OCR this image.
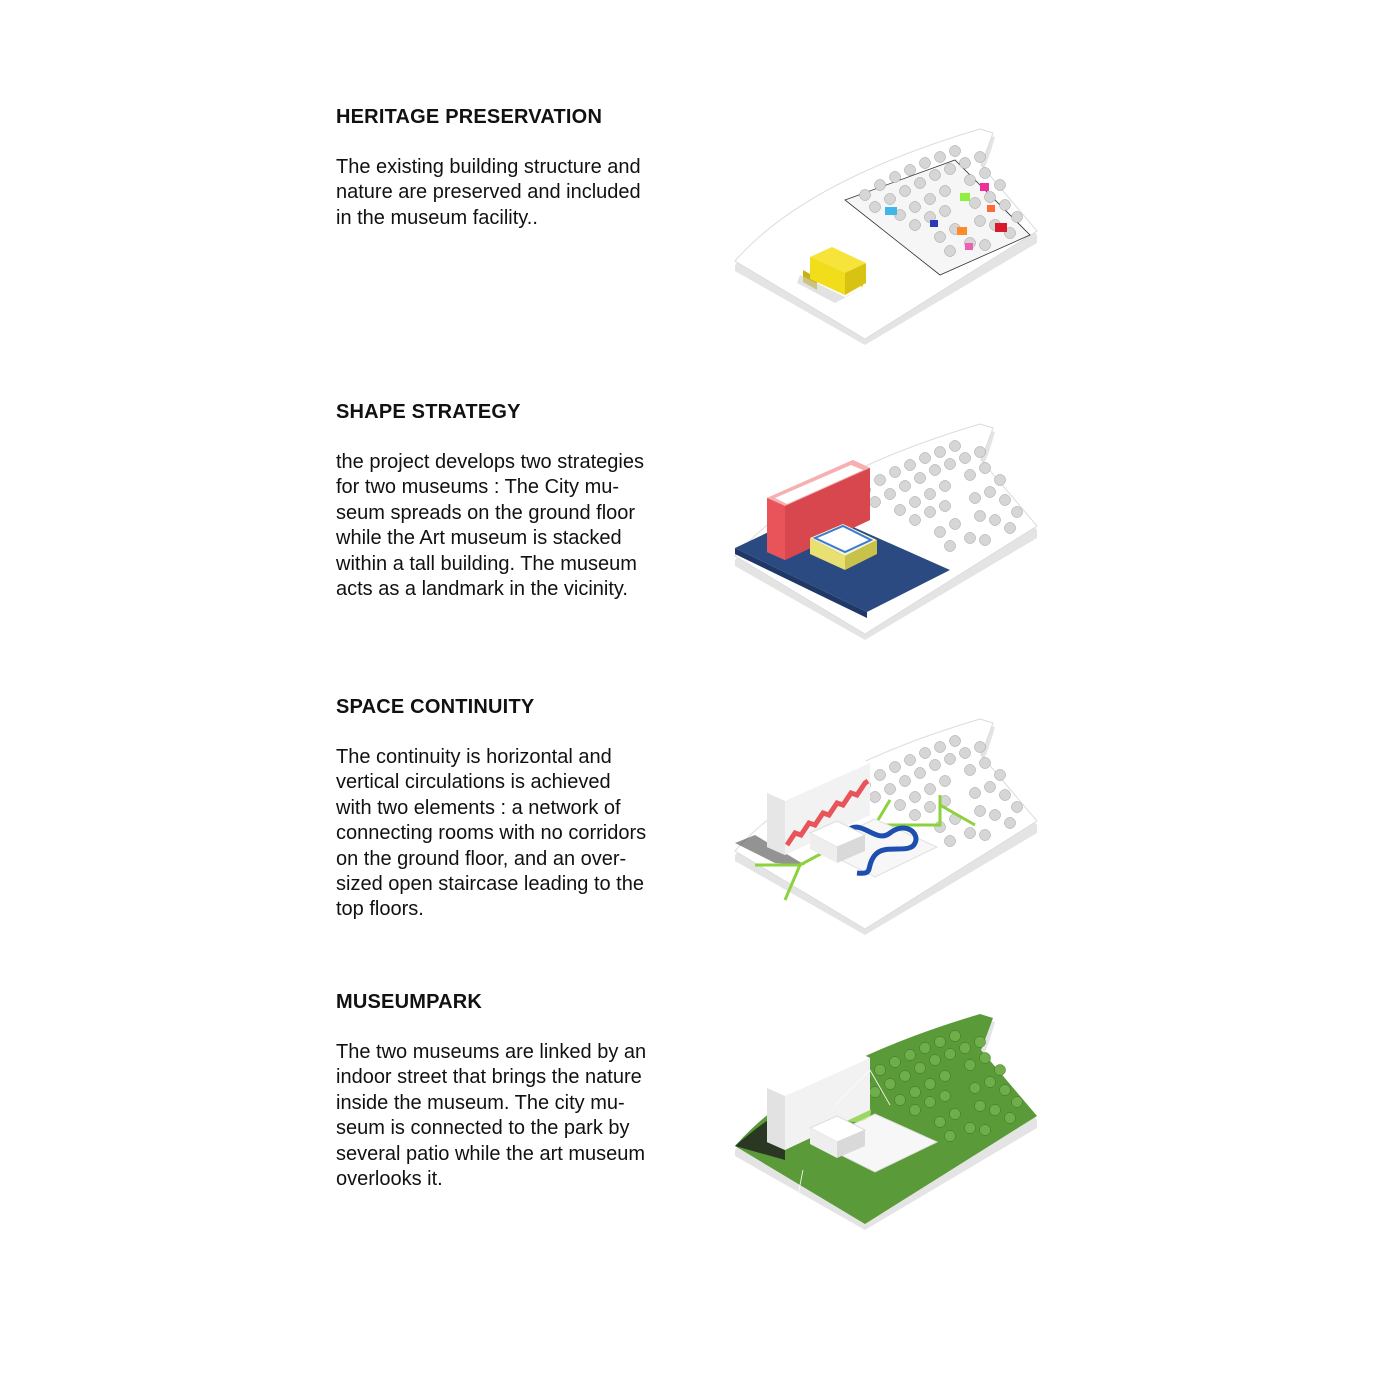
HERITAGE PRESERVATION
The existing building structure and
nature are preserved and included
in the museum facility..
SHAPE STRATEGY
the project develops two strategies
for two museums : The City mu-
seum spreads on the ground floor
while the Art museum is stacked
within a tall building. The museum
acts as a landmark in the vicinity.
SPACE CONTINUITY
The continuity is horizontal and
vertical circulations is achieved
with two elements : a network of
connecting rooms with no corridors
on the ground floor, and an over-
sized open staircase leading to the
top floors.
MUSEUMPARK
The two museums are linked by an
indoor street that brings the nature
inside the museum. The city mu-
seum is connected to the park by
several patio while the art museum
overlooks it.
